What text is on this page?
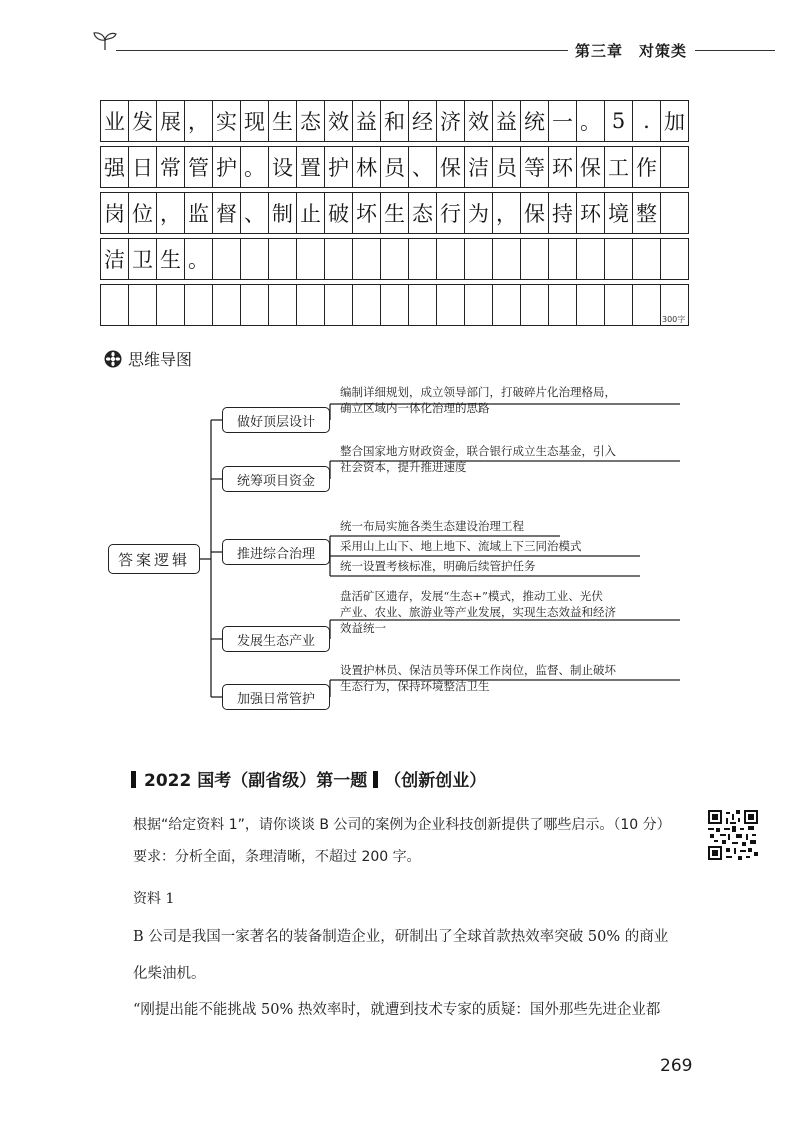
第三章　对策类
业 发 展 ， 实 现 生 态 效 益 和 经 济 效 益 统 一 。 5 . 加
强 日 常 管 护 。 设 置 护 林 员 、 保 洁 员 等 环 保 工 作
岗 位 ， 监 督 、 制 止 破 坏 生 态 行 为 ， 保 持 环 境 整
洁 卫 生 。
300字
思维导图
答案逻辑
做好顶层设计
统筹项目资金
推进综合治理
发展生态产业
加强日常管护
编制详细规划，成立领导部门，打破碎片化治理格局，
确立区域内一体化治理的思路
整合国家地方财政资金，联合银行成立生态基金，引入
社会资本，提升推进速度
统一布局实施各类生态建设治理工程
采用山上山下、地上地下、流域上下三同治模式
统一设置考核标准，明确后续管护任务
盘活矿区遗存，发展“生态+”模式，推动工业、光伏
产业、农业、旅游业等产业发展，实现生态效益和经济
效益统一
设置护林员、保洁员等环保工作岗位，监督、制止破坏
生态行为，保持环境整洁卫生
2022 国考（副省级）第一题 （创新创业）
根据“给定资料 1”，请你谈谈 B 公司的案例为企业科技创新提供了哪些启示。（10 分）
要求：分析全面，条理清晰，不超过 200 字。
资料 1
B 公司是我国一家著名的装备制造企业，研制出了全球首款热效率突破 50% 的商业
化柴油机。
“刚提出能不能挑战 50% 热效率时，就遭到技术专家的质疑：国外那些先进企业都
269
